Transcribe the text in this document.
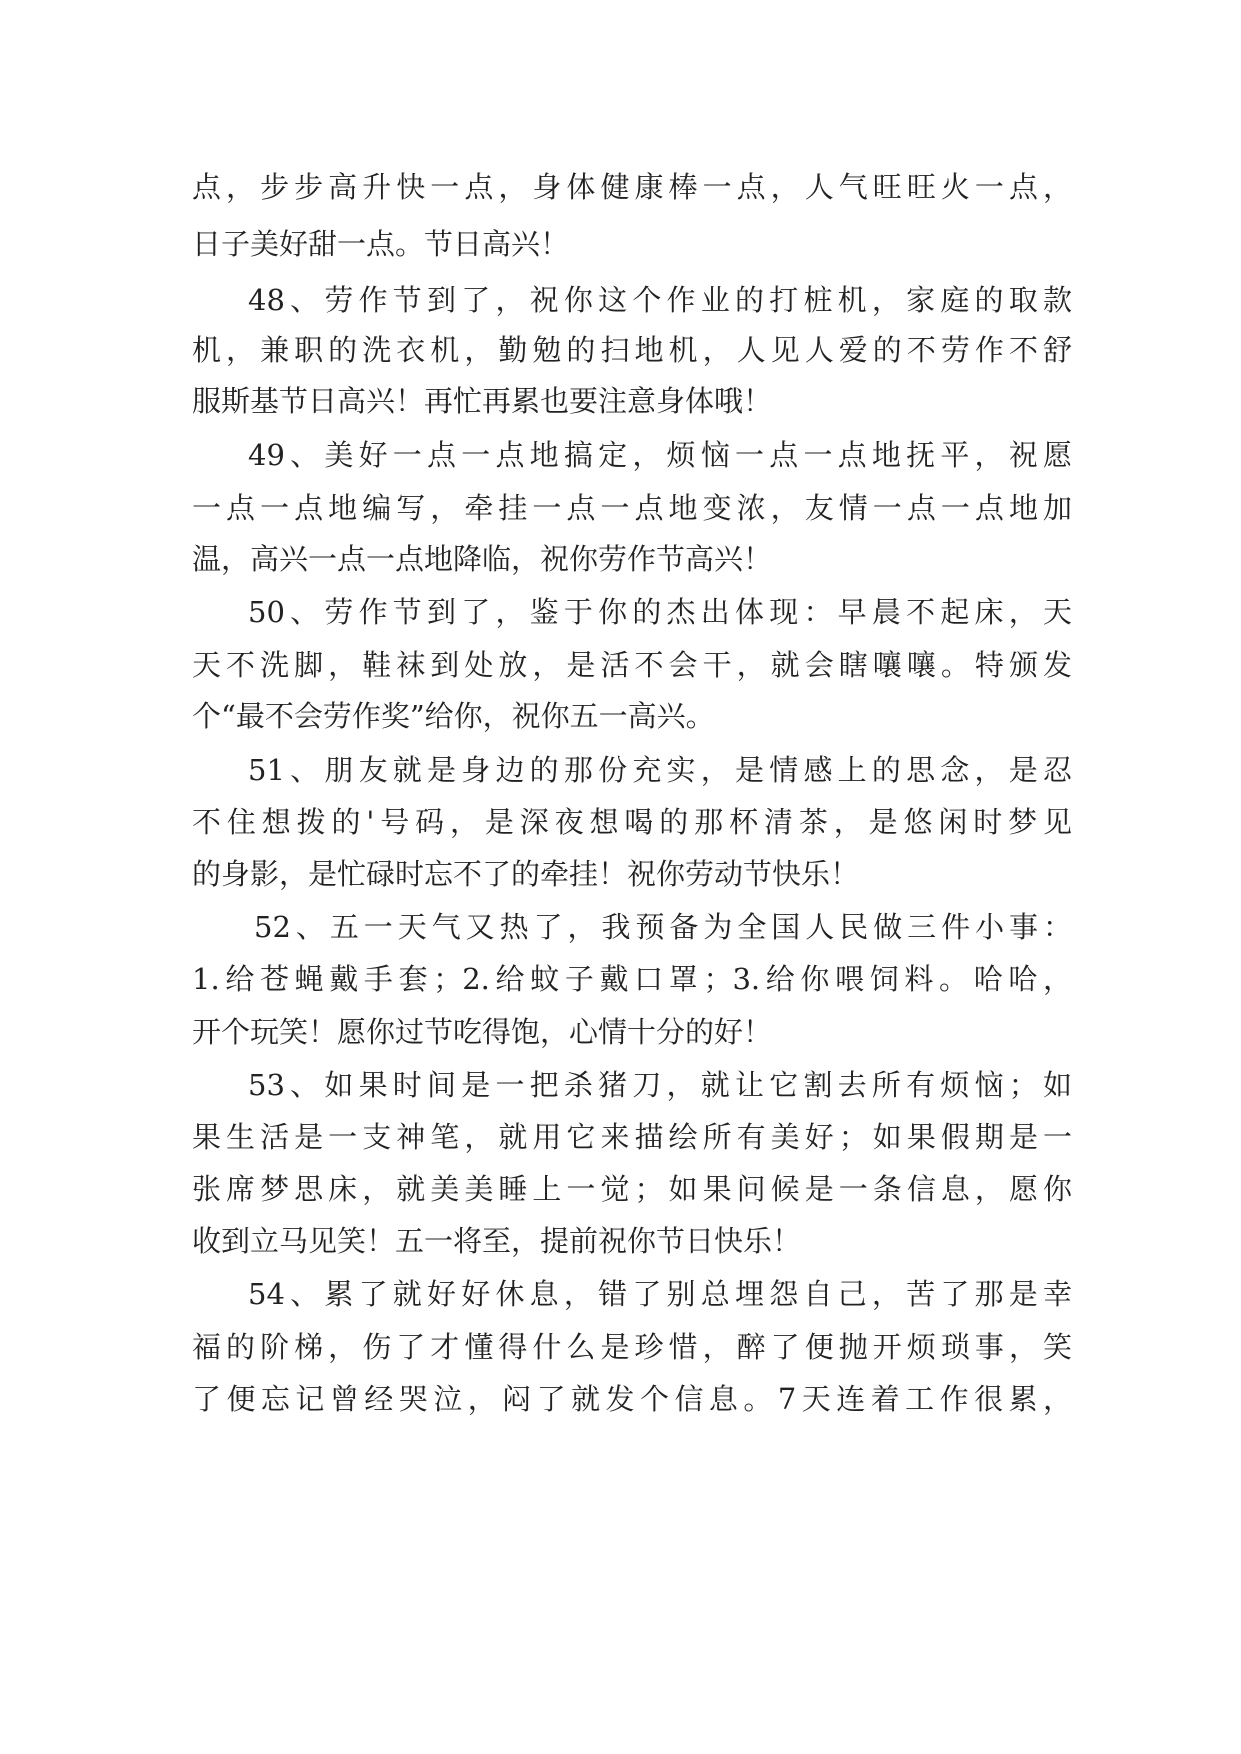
点，步步高升快一点，身体健康棒一点，人气旺旺火一点，
日子美好甜一点。节日高兴！
48、劳作节到了，祝你这个作业的打桩机，家庭的取款
机，兼职的洗衣机，勤勉的扫地机，人见人爱的不劳作不舒
服斯基节日高兴！再忙再累也要注意身体哦！
49、美好一点一点地搞定，烦恼一点一点地抚平，祝愿
一点一点地编写，牵挂一点一点地变浓，友情一点一点地加
温，高兴一点一点地降临，祝你劳作节高兴！
50、劳作节到了，鉴于你的杰出体现：早晨不起床，天
天不洗脚，鞋袜到处放，是活不会干，就会瞎嚷嚷。特颁发
个“最不会劳作奖”给你，祝你五一高兴。
51、朋友就是身边的那份充实，是情感上的思念，是忍
不住想拨的'号码，是深夜想喝的那杯清茶，是悠闲时梦见
的身影，是忙碌时忘不了的牵挂！祝你劳动节快乐！
52、五一天气又热了，我预备为全国人民做三件小事：
1.给苍蝇戴手套；2.给蚊子戴口罩；3.给你喂饲料。哈哈，
开个玩笑！愿你过节吃得饱，心情十分的好！
53、如果时间是一把杀猪刀，就让它割去所有烦恼；如
果生活是一支神笔，就用它来描绘所有美好；如果假期是一
张席梦思床，就美美睡上一觉；如果问候是一条信息，愿你
收到立马见笑！五一将至，提前祝你节日快乐！
54、累了就好好休息，错了别总埋怨自己，苦了那是幸
福的阶梯，伤了才懂得什么是珍惜，醉了便抛开烦琐事，笑
了便忘记曾经哭泣，闷了就发个信息。7天连着工作很累，
